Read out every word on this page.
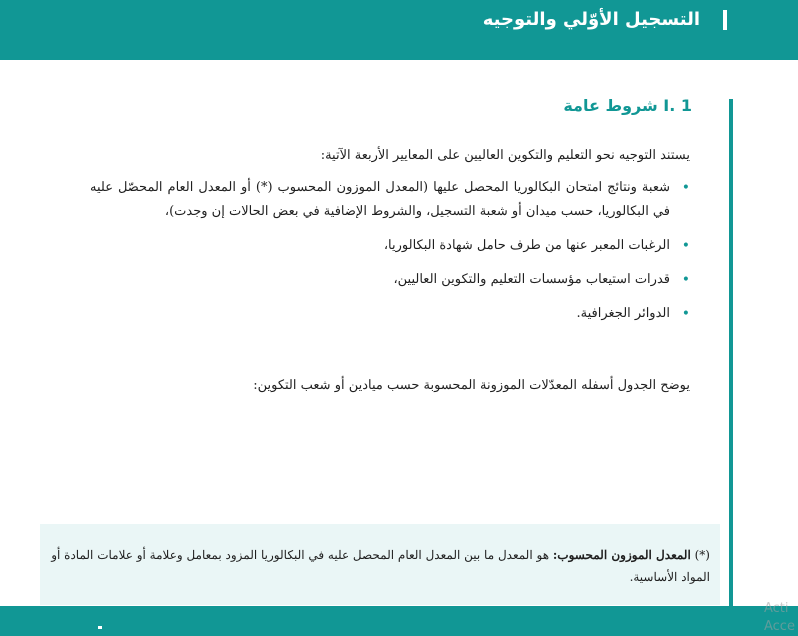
التسجيل الأوّلي والتوجيه
I. 1 شروط عامة
يستند التوجيه نحو التعليم والتكوين العاليين على المعايير الأربعة الآتية:
•
شعبة ونتائج امتحان البكالوريا المحصل عليها (المعدل الموزون المحسوب (*) أو المعدل العام المحصّل عليه في البكالوريا، حسب ميدان أو شعبة التسجيل، والشروط الإضافية في بعض الحالات إن وجدت)،
•
الرغبات المعبر عنها من طرف حامل شهادة البكالوريا،
•
قدرات استيعاب مؤسسات التعليم والتكوين العاليين،
•
الدوائر الجغرافية.
يوضح الجدول أسفله المعدّلات الموزونة المحسوبة حسب ميادين أو شعب التكوين:
(*) المعدل الموزون المحسوب: هو المعدل ما بين المعدل العام المحصل عليه في البكالوريا المزود بمعامل وعلامة أو علامات المادة أو المواد الأساسية.
Acti
Acce
